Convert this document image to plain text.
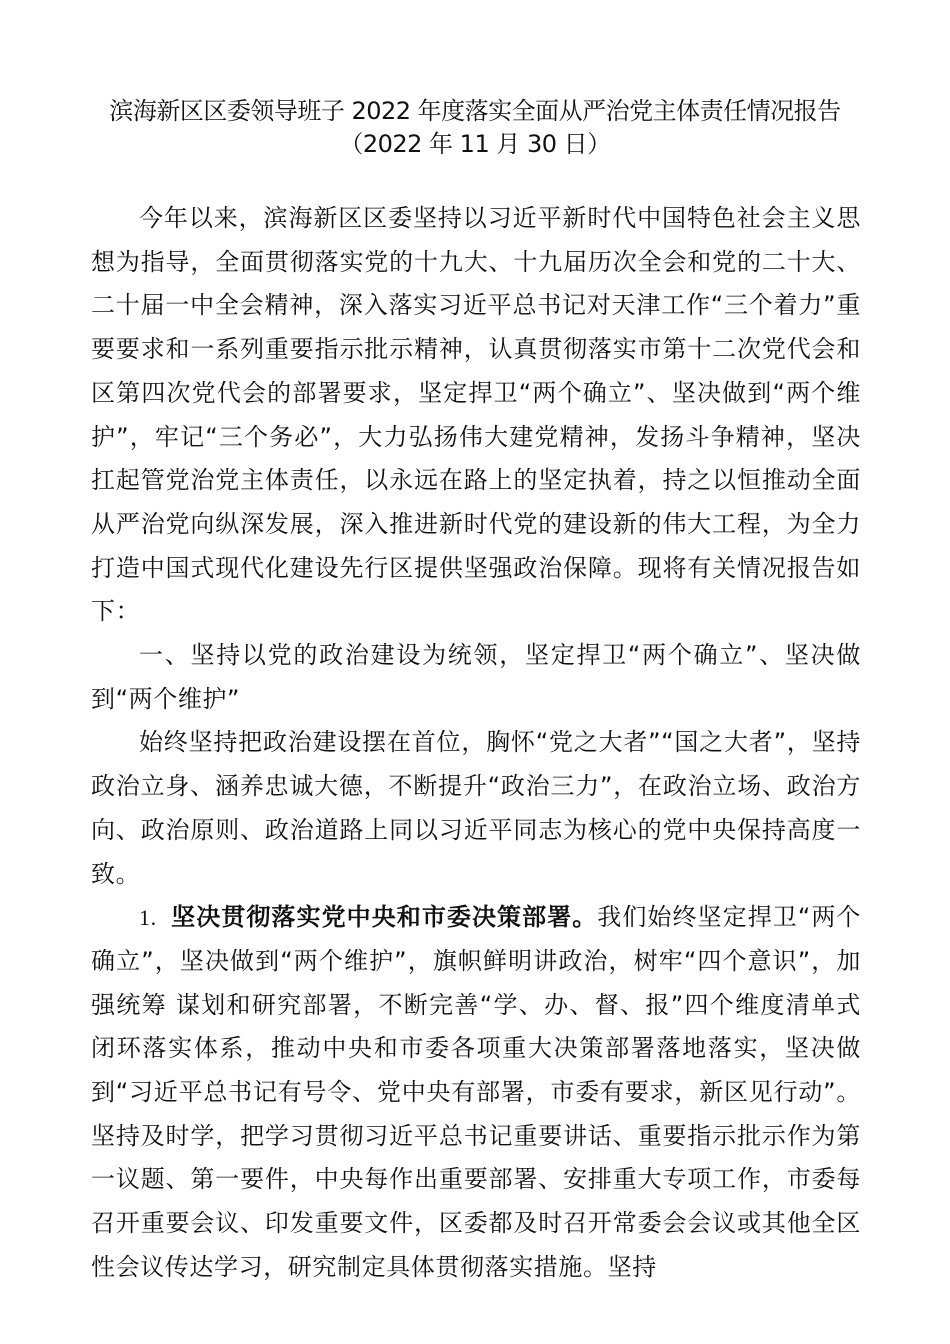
滨海新区区委领导班子 2022 年度落实全面从严治党主体责任情况报告
（2022 年 11 月 30 日）

今年以来，滨海新区区委坚持以习近平新时代中国特色社会主义思想为指导，全面贯彻落实党的十九大、十九届历次全会和党的二十大、二十届一中全会精神，深入落实习近平总书记对天津工作“三个着力”重要要求和一系列重要指示批示精神，认真贯彻落实市第十二次党代会和区第四次党代会的部署要求，坚定捍卫“两个确立”、坚决做到“两个维护”，牢记“三个务必”，大力弘扬伟大建党精神，发扬斗争精神，坚决扛起管党治党主体责任，以永远在路上的坚定执着，持之以恒推动全面从严治党向纵深发展，深入推进新时代党的建设新的伟大工程，为全力打造中国式现代化建设先行区提供坚强政治保障。现将有关情况报告如下：

一、坚持以党的政治建设为统领，坚定捍卫“两个确立”、坚决做到“两个维护”

始终坚持把政治建设摆在首位，胸怀“党之大者”“国之大者”，坚持政治立身、涵养忠诚大德，不断提升“政治三力”，在政治立场、政治方向、政治原则、政治道路上同以习近平同志为核心的党中央保持高度一致。

1. 坚决贯彻落实党中央和市委决策部署。我们始终坚定捍卫“两个确立”，坚决做到“两个维护”，旗帜鲜明讲政治，树牢“四个意识”，加强统筹 谋划和研究部署，不断完善“学、办、督、报”四个维度清单式闭环落实体系，推动中央和市委各项重大决策部署落地落实，坚决做到“习近平总书记有号令、党中央有部署，市委有要求，新区见行动”。坚持及时学，把学习贯彻习近平总书记重要讲话、重要指示批示作为第一议题、第一要件，中央每作出重要部署、安排重大专项工作，市委每召开重要会议、印发重要文件，区委都及时召开常委会会议或其他全区性会议传达学习，研究制定具体贯彻落实措施。坚持
